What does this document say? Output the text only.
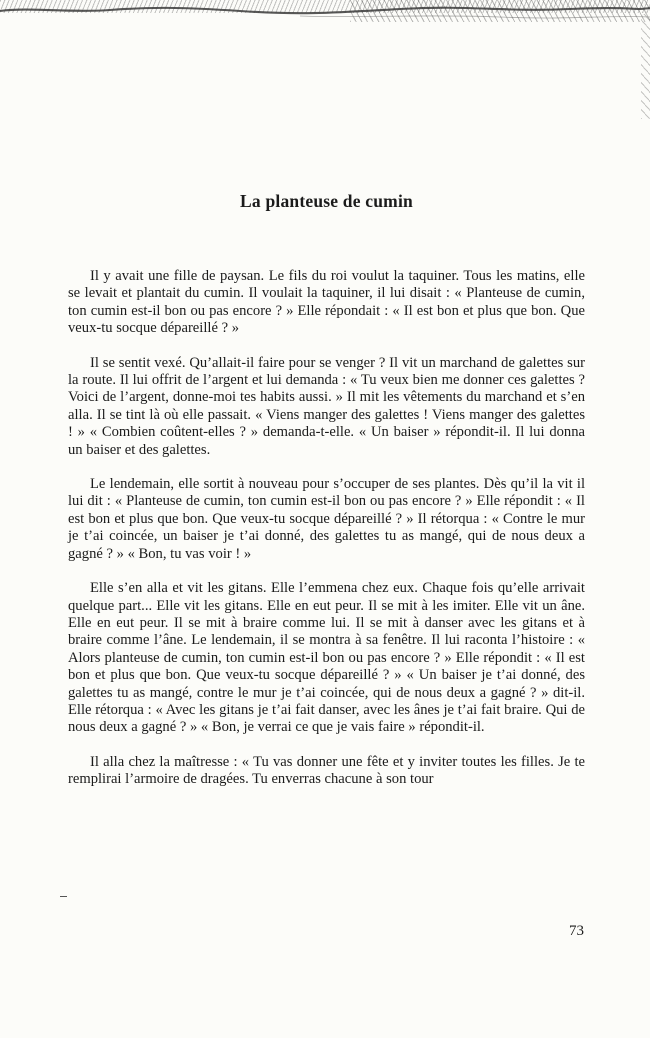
La planteuse de cumin

Il y avait une fille de paysan. Le fils du roi voulut la taquiner. Tous les matins, elle se levait et plantait du cumin. Il voulait la taquiner, il lui disait : « Planteuse de cumin, ton cumin est-il bon ou pas encore ? » Elle répondait : « Il est bon et plus que bon. Que veux-tu socque dépareillé ? »

Il se sentit vexé. Qu’allait-il faire pour se venger ? Il vit un marchand de galettes sur la route. Il lui offrit de l’argent et lui demanda : « Tu veux bien me donner ces galettes ? Voici de l’argent, donne-moi tes habits aussi. » Il mit les vêtements du marchand et s’en alla. Il se tint là où elle passait. « Viens manger des galettes ! Viens manger des galettes ! » « Combien coûtent-elles ? » demanda-t-elle. « Un baiser » répondit-il. Il lui donna un baiser et des galettes.

Le lendemain, elle sortit à nouveau pour s’occuper de ses plantes. Dès qu’il la vit il lui dit : « Planteuse de cumin, ton cumin est-il bon ou pas encore ? » Elle répondit : « Il est bon et plus que bon. Que veux-tu socque dépareillé ? » Il rétorqua : « Contre le mur je t’ai coincée, un baiser je t’ai donné, des galettes tu as mangé, qui de nous deux a gagné ? » « Bon, tu vas voir ! »

Elle s’en alla et vit les gitans. Elle l’emmena chez eux. Chaque fois qu’elle arrivait quelque part... Elle vit les gitans. Elle en eut peur. Il se mit à les imiter. Elle vit un âne. Elle en eut peur. Il se mit à braire comme lui. Il se mit à danser avec les gitans et à braire comme l’âne. Le lendemain, il se montra à sa fenêtre. Il lui raconta l’histoire : « Alors planteuse de cumin, ton cumin est-il bon ou pas encore ? » Elle répondit : « Il est bon et plus que bon. Que veux-tu socque dépareillé ? » « Un baiser je t’ai donné, des galettes tu as mangé, contre le mur je t’ai coincée, qui de nous deux a gagné ? » dit-il. Elle rétorqua : « Avec les gitans je t’ai fait danser, avec les ânes je t’ai fait braire. Qui de nous deux a gagné ? » « Bon, je verrai ce que je vais faire » répondit-il.

Il alla chez la maîtresse : « Tu vas donner une fête et y inviter toutes les filles. Je te remplirai l’armoire de dragées. Tu enverras chacune à son tour

73
